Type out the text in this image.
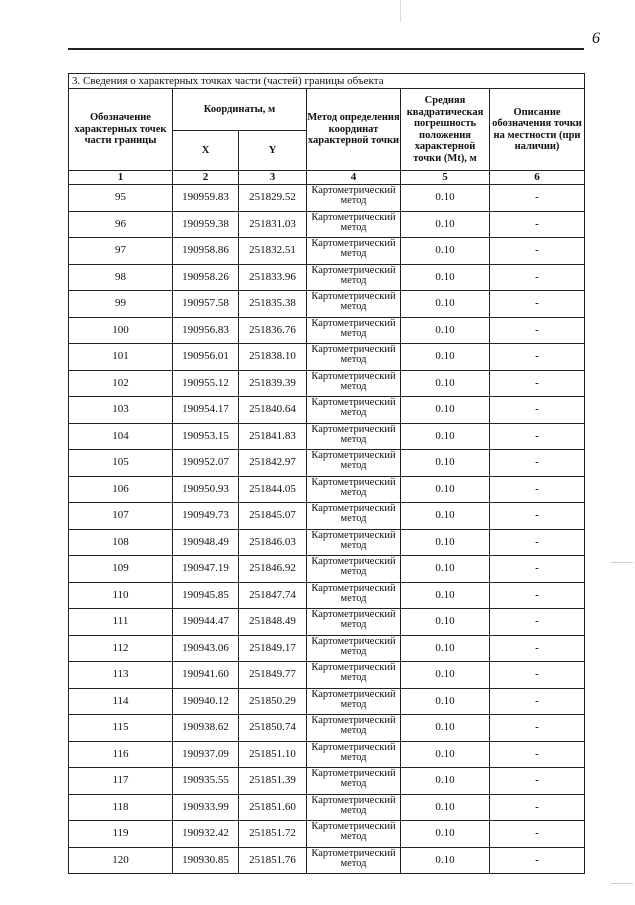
6
3. Сведения о характерных точках части (частей) границы объекта					
Обозначение характерных точек части границы	Координаты, м		Метод определения координат характерной точки	Средняя квадратическая погрешность положения характерной точки (Mt), м	Описание обозначения точки на местности (при наличии)
	X	Y			
1	2	3	4	5	6
95	190959.83	251829.52	Картометрический метод	0.10	-
96	190959.38	251831.03	Картометрический метод	0.10	-
97	190958.86	251832.51	Картометрический метод	0.10	-
98	190958.26	251833.96	Картометрический метод	0.10	-
99	190957.58	251835.38	Картометрический метод	0.10	-
100	190956.83	251836.76	Картометрический метод	0.10	-
101	190956.01	251838.10	Картометрический метод	0.10	-
102	190955.12	251839.39	Картометрический метод	0.10	-
103	190954.17	251840.64	Картометрический метод	0.10	-
104	190953.15	251841.83	Картометрический метод	0.10	-
105	190952.07	251842.97	Картометрический метод	0.10	-
106	190950.93	251844.05	Картометрический метод	0.10	-
107	190949.73	251845.07	Картометрический метод	0.10	-
108	190948.49	251846.03	Картометрический метод	0.10	-
109	190947.19	251846.92	Картометрический метод	0.10	-
110	190945.85	251847.74	Картометрический метод	0.10	-
111	190944.47	251848.49	Картометрический метод	0.10	-
112	190943.06	251849.17	Картометрический метод	0.10	-
113	190941.60	251849.77	Картометрический метод	0.10	-
114	190940.12	251850.29	Картометрический метод	0.10	-
115	190938.62	251850.74	Картометрический метод	0.10	-
116	190937.09	251851.10	Картометрический метод	0.10	-
117	190935.55	251851.39	Картометрический метод	0.10	-
118	190933.99	251851.60	Картометрический метод	0.10	-
119	190932.42	251851.72	Картометрический метод	0.10	-
120	190930.85	251851.76	Картометрический метод	0.10	-
